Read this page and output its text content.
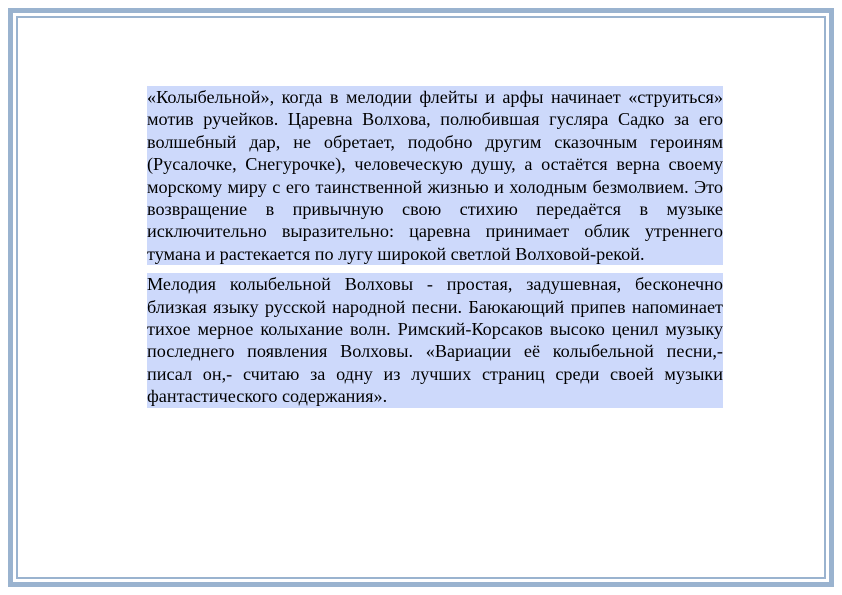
«Колыбельной», когда в мелодии флейты и арфы начинает «струиться» мотив ручейков. Царевна Волхова, полюбившая гусляра Садко за его волшебный дар, не обретает, подобно другим сказочным героиням (Русалочке, Снегурочке), человеческую душу, а остаётся верна своему морскому миру с его таинственной жизнью и холодным безмолвием. Это возвращение в привычную свою стихию передаётся в музыке исключительно выразительно: царевна принимает облик утреннего тумана и растекается по лугу широкой светлой Волховой-рекой.

Мелодия колыбельной Волховы - простая, задушевная, бесконечно близкая языку русской народной песни. Баюкающий припев напоминает тихое мерное колыхание волн. Римский-Корсаков высоко ценил музыку последнего появления Волховы. «Вариации её колыбельной песни,- писал он,- считаю за одну из лучших страниц среди своей музыки фантастического содержания».
